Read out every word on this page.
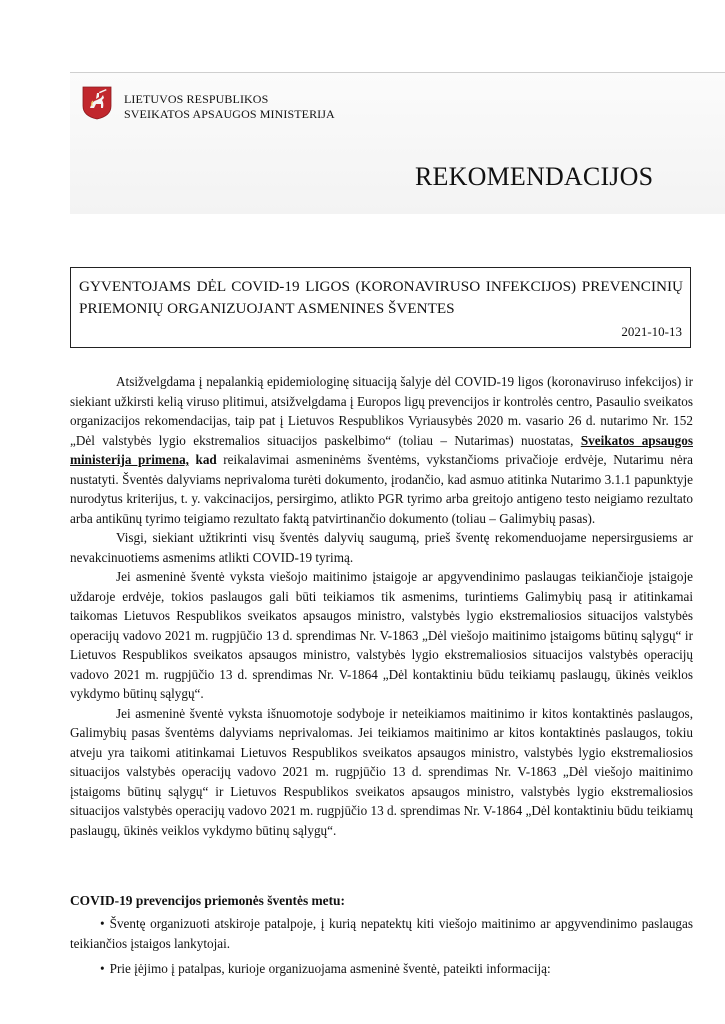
LIETUVOS RESPUBLIKOS
SVEIKATOS APSAUGOS MINISTERIJA
REKOMENDACIJOS
GYVENTOJAMS DĖL COVID-19 LIGOS (KORONAVIRUSO INFEKCIJOS) PREVENCINIŲ PRIEMONIŲ ORGANIZUOJANT ASMENINES ŠVENTES
2021-10-13

Atsižvelgdama į nepalankią epidemiologinę situaciją šalyje dėl COVID-19 ligos (koronaviruso infekcijos) ir siekiant užkirsti kelią viruso plitimui, atsižvelgdama į Europos ligų prevencijos ir kontrolės centro, Pasaulio sveikatos organizacijos rekomendacijas, taip pat į Lietuvos Respublikos Vyriausybės 2020 m. vasario 26 d. nutarimo Nr. 152 „Dėl valstybės lygio ekstremalios situacijos paskelbimo“ (toliau – Nutarimas) nuostatas, Sveikatos apsaugos ministerija primena, kad reikalavimai asmeninėms šventėms, vykstančioms privačioje erdvėje, Nutarimu nėra nustatyti. Šventės dalyviams neprivaloma turėti dokumento, įrodančio, kad asmuo atitinka Nutarimo 3.1.1 papunktyje nurodytus kriterijus, t. y. vakcinacijos, persirgimo, atlikto PGR tyrimo arba greitojo antigeno testo neigiamo rezultato arba antikūnų tyrimo teigiamo rezultato faktą patvirtinančio dokumento (toliau – Galimybių pasas).

Visgi, siekiant užtikrinti visų šventės dalyvių saugumą, prieš šventę rekomenduojame nepersirgusiems ar nevakcinuotiems asmenims atlikti COVID-19 tyrimą.

Jei asmeninė šventė vyksta viešojo maitinimo įstaigoje ar apgyvendinimo paslaugas teikiančioje įstaigoje uždaroje erdvėje, tokios paslaugos gali būti teikiamos tik asmenims, turintiems Galimybių pasą ir atitinkamai taikomas Lietuvos Respublikos sveikatos apsaugos ministro, valstybės lygio ekstremaliosios situacijos valstybės operacijų vadovo 2021 m. rugpjūčio 13 d. sprendimas Nr. V-1863 „Dėl viešojo maitinimo įstaigoms būtinų sąlygų“ ir Lietuvos Respublikos sveikatos apsaugos ministro, valstybės lygio ekstremaliosios situacijos valstybės operacijų vadovo 2021 m. rugpjūčio 13 d. sprendimas Nr. V-1864 „Dėl kontaktiniu būdu teikiamų paslaugų, ūkinės veiklos vykdymo būtinų sąlygų“.

Jei asmeninė šventė vyksta išnuomotoje sodyboje ir neteikiamos maitinimo ir kitos kontaktinės paslaugos, Galimybių pasas šventėms dalyviams neprivalomas. Jei teikiamos maitinimo ar kitos kontaktinės paslaugos, tokiu atveju yra taikomi atitinkamai Lietuvos Respublikos sveikatos apsaugos ministro, valstybės lygio ekstremaliosios situacijos valstybės operacijų vadovo 2021 m. rugpjūčio 13 d. sprendimas Nr. V-1863 „Dėl viešojo maitinimo įstaigoms būtinų sąlygų“ ir Lietuvos Respublikos sveikatos apsaugos ministro, valstybės lygio ekstremaliosios situacijos valstybės operacijų vadovo 2021 m. rugpjūčio 13 d. sprendimas Nr. V-1864 „Dėl kontaktiniu būdu teikiamų paslaugų, ūkinės veiklos vykdymo būtinų sąlygų“.

COVID-19 prevencijos priemonės šventės metu:
• Šventę organizuoti atskiroje patalpoje, į kurią nepatektų kiti viešojo maitinimo ar apgyvendinimo paslaugas teikiančios įstaigos lankytojai.
• Prie įėjimo į patalpas, kurioje organizuojama asmeninė šventė, pateikti informaciją:
